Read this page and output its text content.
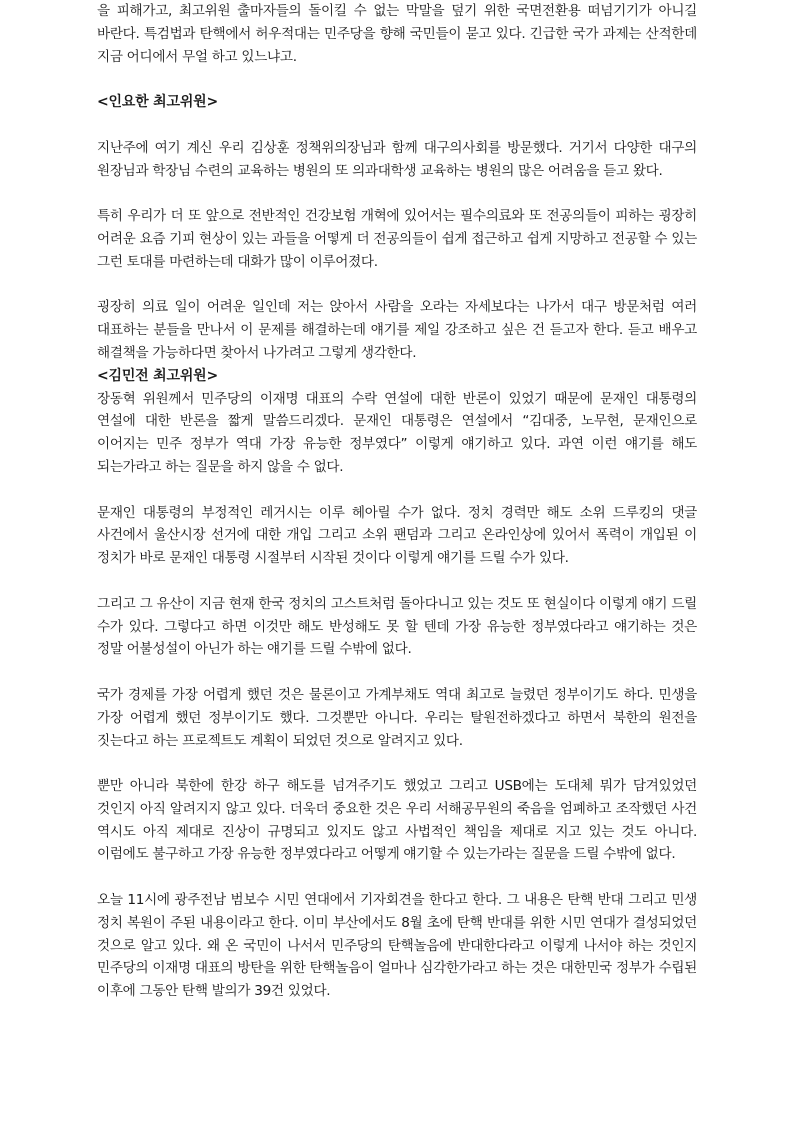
을 피해가고, 최고위원 출마자들의 돌이킬 수 없는 막말을 덮기 위한 국면전환용 떠넘기기가 아니길 바란다. 특검법과 탄핵에서 허우적대는 민주당을 향해 국민들이 묻고 있다. 긴급한 국가 과제는 산적한데 지금 어디에서 무얼 하고 있느냐고.

<인요한 최고위원>

지난주에 여기 계신 우리 김상훈 정책위의장님과 함께 대구의사회를 방문했다. 거기서 다양한 대구의 원장님과 학장님 수련의 교육하는 병원의 또 의과대학생 교육하는 병원의 많은 어려움을 듣고 왔다.

특히 우리가 더 또 앞으로 전반적인 건강보험 개혁에 있어서는 필수의료와 또 전공의들이 피하는 굉장히 어려운 요즘 기피 현상이 있는 과들을 어떻게 더 전공의들이 쉽게 접근하고 쉽게 지망하고 전공할 수 있는 그런 토대를 마련하는데 대화가 많이 이루어졌다.

굉장히 의료 일이 어려운 일인데 저는 앉아서 사람을 오라는 자세보다는 나가서 대구 방문처럼 여러 대표하는 분들을 만나서 이 문제를 해결하는데 얘기를 제일 강조하고 싶은 건 듣고자 한다. 듣고 배우고 해결책을 가능하다면 찾아서 나가려고 그렇게 생각한다.

<김민전 최고위원>

장동혁 위원께서 민주당의 이재명 대표의 수락 연설에 대한 반론이 있었기 때문에 문재인 대통령의 연설에 대한 반론을 짧게 말씀드리겠다. 문재인 대통령은 연설에서 “김대중, 노무현, 문재인으로 이어지는 민주 정부가 역대 가장 유능한 정부였다” 이렇게 얘기하고 있다. 과연 이런 얘기를 해도 되는가라고 하는 질문을 하지 않을 수 없다.

문재인 대통령의 부정적인 레거시는 이루 헤아릴 수가 없다. 정치 경력만 해도 소위 드루킹의 댓글 사건에서 울산시장 선거에 대한 개입 그리고 소위 팬덤과 그리고 온라인상에 있어서 폭력이 개입된 이 정치가 바로 문재인 대통령 시절부터 시작된 것이다 이렇게 얘기를 드릴 수가 있다.

그리고 그 유산이 지금 현재 한국 정치의 고스트처럼 돌아다니고 있는 것도 또 현실이다 이렇게 얘기 드릴 수가 있다. 그렇다고 하면 이것만 해도 반성해도 못 할 텐데 가장 유능한 정부였다라고 얘기하는 것은 정말 어불성설이 아닌가 하는 얘기를 드릴 수밖에 없다.

국가 경제를 가장 어렵게 했던 것은 물론이고 가계부채도 역대 최고로 늘렸던 정부이기도 하다. 민생을 가장 어렵게 했던 정부이기도 했다. 그것뿐만 아니다. 우리는 탈원전하겠다고 하면서 북한의 원전을 짓는다고 하는 프로젝트도 계획이 되었던 것으로 알려지고 있다.

뿐만 아니라 북한에 한강 하구 해도를 넘겨주기도 했었고 그리고 USB에는 도대체 뭐가 담겨있었던 것인지 아직 알려지지 않고 있다. 더욱더 중요한 것은 우리 서해공무원의 죽음을 엄폐하고 조작했던 사건 역시도 아직 제대로 진상이 규명되고 있지도 않고 사법적인 책임을 제대로 지고 있는 것도 아니다. 이럼에도 불구하고 가장 유능한 정부였다라고 어떻게 얘기할 수 있는가라는 질문을 드릴 수밖에 없다.

오늘 11시에 광주전남 범보수 시민 연대에서 기자회견을 한다고 한다. 그 내용은 탄핵 반대 그리고 민생 정치 복원이 주된 내용이라고 한다. 이미 부산에서도 8월 초에 탄핵 반대를 위한 시민 연대가 결성되었던 것으로 알고 있다. 왜 온 국민이 나서서 민주당의 탄핵놀음에 반대한다라고 이렇게 나서야 하는 것인지 민주당의 이재명 대표의 방탄을 위한 탄핵놀음이 얼마나 심각한가라고 하는 것은 대한민국 정부가 수립된 이후에 그동안 탄핵 발의가 39건 있었다.
